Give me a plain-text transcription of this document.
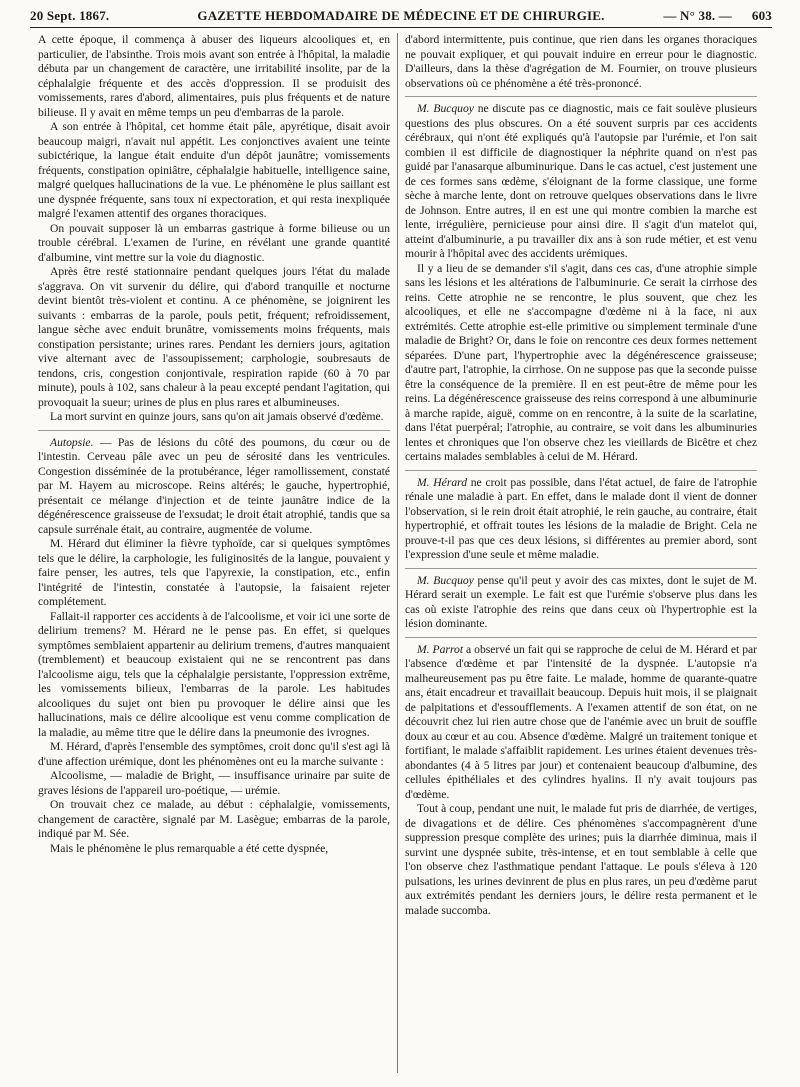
20 Sept. 1867.	GAZETTE HEBDOMADAIRE DE MÉDECINE ET DE CHIRURGIE.	— N° 38. — 603

A cette époque, il commença à abuser des liqueurs alcooliques et, en particulier, de l'absinthe. Trois mois avant son entrée à l'hôpital, la maladie débuta par un changement de caractère, une irritabilité insolite, par de la céphalalgie fréquente et des accès d'oppression. Il se produisit des vomissements, rares d'abord, alimentaires, puis plus fréquents et de nature bilieuse. Il y avait en même temps un peu d'embarras de la parole.

A son entrée à l'hôpital, cet homme était pâle, apyrétique, disait avoir beaucoup maigri, n'avait nul appétit. Les conjonctives avaient une teinte subictérique, la langue était enduite d'un dépôt jaunâtre; vomissements fréquents, constipation opiniâtre, céphalalgie habituelle, intelligence saine, malgré quelques hallucinations de la vue. Le phénomène le plus saillant est une dyspnée fréquente, sans toux ni expectoration, et qui resta inexpliquée malgré l'examen attentif des organes thoraciques.

On pouvait supposer là un embarras gastrique à forme bilieuse ou un trouble cérébral. L'examen de l'urine, en révélant une grande quantité d'albumine, vint mettre sur la voie du diagnostic.

Après être resté stationnaire pendant quelques jours l'état du malade s'aggrava. On vit survenir du délire, qui d'abord tranquille et nocturne devint bientôt très-violent et continu. A ce phénomène, se joignirent les suivants : embarras de la parole, pouls petit, fréquent; refroidissement, langue sèche avec enduit brunâtre, vomissements moins fréquents, mais constipation persistante; urines rares. Pendant les derniers jours, agitation vive alternant avec de l'assoupissement; carphologie, soubresauts de tendons, cris, congestion conjontivale, respiration rapide (60 à 70 par minute), pouls à 102, sans chaleur à la peau excepté pendant l'agitation, qui provoquait la sueur; urines de plus en plus rares et albumineuses.

La mort survint en quinze jours, sans qu'on ait jamais observé d'œdème.

Autopsie. — Pas de lésions du côté des poumons, du cœur ou de l'intestin. Cerveau pâle avec un peu de sérosité dans les ventricules. Congestion disséminée de la protubérance, léger ramollissement, constaté par M. Hayem au microscope. Reins altérés; le gauche, hypertrophié, présentait ce mélange d'injection et de teinte jaunâtre indice de la dégénérescence graisseuse de l'exsudat; le droit était atrophié, tandis que sa capsule surrénale était, au contraire, augmentée de volume.

M. Hérard dut éliminer la fièvre typhoïde, car si quelques symptômes tels que le délire, la carphologie, les fuliginosités de la langue, pouvaient y faire penser, les autres, tels que l'apyrexie, la constipation, etc., enfin l'intégrité de l'intestin, constatée à l'autopsie, la faisaient rejeter complétement.

Fallait-il rapporter ces accidents à de l'alcoolisme, et voir ici une sorte de delirium tremens? M. Hérard ne le pense pas. En effet, si quelques symptômes semblaient appartenir au delirium tremens, d'autres manquaient (tremblement) et beaucoup existaient qui ne se rencontrent pas dans l'alcoolisme aigu, tels que la céphalalgie persistante, l'oppression extrême, les vomissements bilieux, l'embarras de la parole. Les habitudes alcooliques du sujet ont bien pu provoquer le délire ainsi que les hallucinations, mais ce délire alcoolique est venu comme complication de la maladie, au même titre que le délire dans la pneumonie des ivrognes.

M. Hérard, d'après l'ensemble des symptômes, croit donc qu'il s'est agi là d'une affection urémique, dont les phénomènes ont eu la marche suivante :

Alcoolisme, — maladie de Bright, — insuffisance urinaire par suite de graves lésions de l'appareil uro-poétique, — urémie.

On trouvait chez ce malade, au début : céphalalgie, vomissements, changement de caractère, signalé par M. Lasègue; embarras de la parole, indiqué par M. Sée.

Mais le phénomène le plus remarquable a été cette dyspnée,

d'abord intermittente, puis continue, que rien dans les organes thoraciques ne pouvait expliquer, et qui pouvait induire en erreur pour le diagnostic. D'ailleurs, dans la thèse d'agrégation de M. Fournier, on trouve plusieurs observations où ce phénomène a été très-prononcé.

M. Bucquoy ne discute pas ce diagnostic, mais ce fait soulève plusieurs questions des plus obscures. On a été souvent surpris par ces accidents cérébraux, qui n'ont été expliqués qu'à l'autopsie par l'urémie, et l'on sait combien il est difficile de diagnostiquer la néphrite quand on n'est pas guidé par l'anasarque albuminurique. Dans le cas actuel, c'est justement une de ces formes sans œdème, s'éloignant de la forme classique, une forme sèche à marche lente, dont on retrouve quelques observations dans le livre de Johnson. Entre autres, il en est une qui montre combien la marche est lente, irrégulière, pernicieuse pour ainsi dire. Il s'agit d'un matelot qui, atteint d'albuminurie, a pu travailler dix ans à son rude métier, et est venu mourir à l'hôpital avec des accidents urémiques.

Il y a lieu de se demander s'il s'agit, dans ces cas, d'une atrophie simple sans les lésions et les altérations de l'albuminurie. Ce serait la cirrhose des reins. Cette atrophie ne se rencontre, le plus souvent, que chez les alcooliques, et elle ne s'accompagne d'œdème ni à la face, ni aux extrémités. Cette atrophie est-elle primitive ou simplement terminale d'une maladie de Bright? Or, dans le foie on rencontre ces deux formes nettement séparées. D'une part, l'hypertrophie avec la dégénérescence graisseuse; d'autre part, l'atrophie, la cirrhose. On ne suppose pas que la seconde puisse être la conséquence de la première. Il en est peut-être de même pour les reins. La dégénérescence graisseuse des reins correspond à une albuminurie à marche rapide, aiguë, comme on en rencontre, à la suite de la scarlatine, dans l'état puerpéral; l'atrophie, au contraire, se voit dans les albuminuries lentes et chroniques que l'on observe chez les vieillards de Bicêtre et chez certains malades semblables à celui de M. Hérard.

M. Hérard ne croit pas possible, dans l'état actuel, de faire de l'atrophie rénale une maladie à part. En effet, dans le malade dont il vient de donner l'observation, si le rein droit était atrophié, le rein gauche, au contraire, était hypertrophié, et offrait toutes les lésions de la maladie de Bright. Cela ne prouve-t-il pas que ces deux lésions, si différentes au premier abord, sont l'expression d'une seule et même maladie.

M. Bucquoy pense qu'il peut y avoir des cas mixtes, dont le sujet de M. Hérard serait un exemple. Le fait est que l'urémie s'observe plus dans les cas où existe l'atrophie des reins que dans ceux où l'hypertrophie est la lésion dominante.

M. Parrot a observé un fait qui se rapproche de celui de M. Hérard et par l'absence d'œdème et par l'intensité de la dyspnée. L'autopsie n'a malheureusement pas pu être faite. Le malade, homme de quarante-quatre ans, était encadreur et travaillait beaucoup. Depuis huit mois, il se plaignait de palpitations et d'essoufflements. A l'examen attentif de son état, on ne découvrit chez lui rien autre chose que de l'anémie avec un bruit de souffle doux au cœur et au cou. Absence d'œdème. Malgré un traitement tonique et fortifiant, le malade s'affaiblit rapidement. Les urines étaient devenues très-abondantes (4 à 5 litres par jour) et contenaient beaucoup d'albumine, des cellules épithéliales et des cylindres hyalins. Il n'y avait toujours pas d'œdème.

Tout à coup, pendant une nuit, le malade fut pris de diarrhée, de vertiges, de divagations et de délire. Ces phénomènes s'accompagnèrent d'une suppression presque complète des urines; puis la diarrhée diminua, mais il survint une dyspnée subite, très-intense, et en tout semblable à celle que l'on observe chez l'asthmatique pendant l'attaque. Le pouls s'éleva à 120 pulsations, les urines devinrent de plus en plus rares, un peu d'œdème parut aux extrémités pendant les derniers jours, le délire resta permanent et le malade succomba.
